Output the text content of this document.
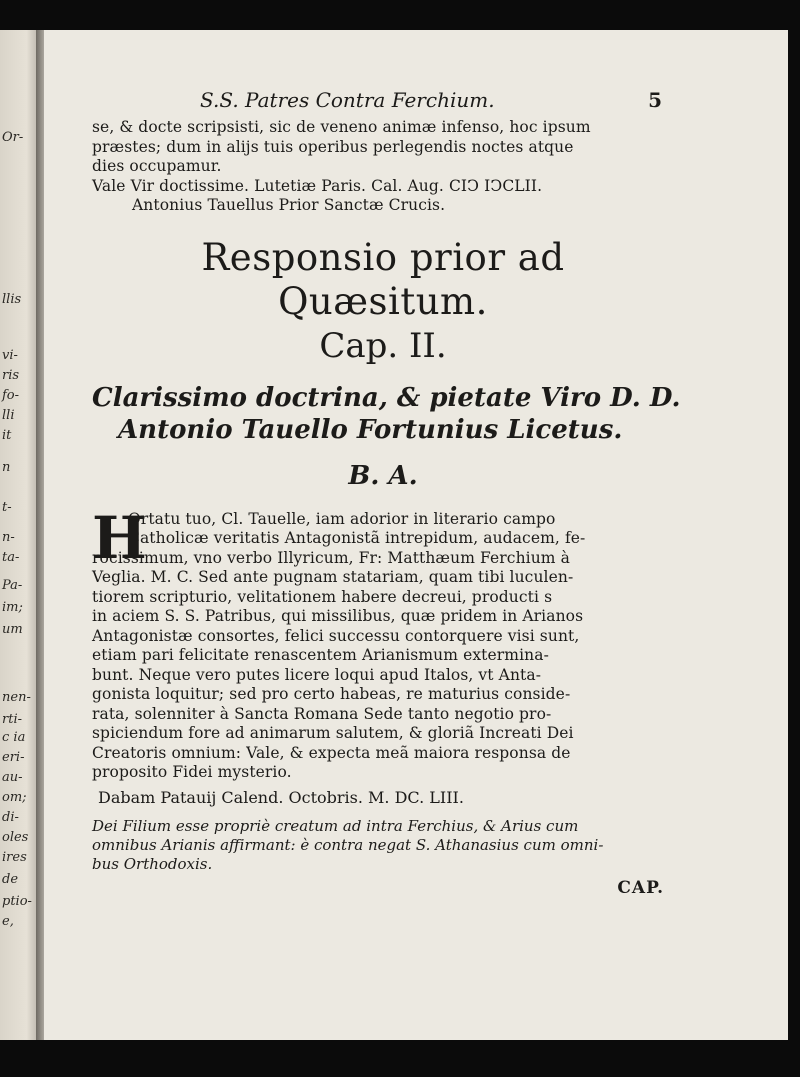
Or-
llis
vi-
ris
fo-
lli
it
n
t-
n-
ta-
Pa-
im;
um
nen-
rti-
c ia
eri-
au-
om;
di-
oles
ires
de
ptio-
e,
S.S. Patres Contra Ferchium.	5
se, & docte scripsisti, sic de veneno animæ infenso, hoc ipsum
præstes; dum in alijs tuis operibus perlegendis noctes atque
dies occupamur.
Vale Vir doctissime. Lutetiæ Paris. Cal. Aug. CIↃ IↃCLII.
Antonius Tauellus Prior Sanctæ Crucis.
Responsio prior ad Quæsitum.
Cap. II.
Clarissimo doctrina, & pietate Viro D. D.
Antonio Tauello Fortunius Licetus.
B. A.
H
Ortatu tuo, Cl. Tauelle, iam adorior in literario campo
Catholicæ veritatis Antagonistã intrepidum, audacem, fe-
rocissimum, vno verbo Illyricum, Fr: Matthæum Ferchium à
Veglia. M. C. Sed ante pugnam statariam, quam tibi luculen-
tiorem scripturio, velitationem habere decreui, producti s
in aciem S. S. Patribus, qui missilibus, quæ pridem in Arianos
Antagonistæ consortes, felici successu contorquere visi sunt,
etiam pari felicitate renascentem Arianismum extermina-
bunt. Neque vero putes licere loqui apud Italos, vt Anta-
gonista loquitur; sed pro certo habeas, re maturius conside-
rata, solenniter à Sancta Romana Sede tanto negotio pro-
spiciendum fore ad animarum salutem, & gloriã Increati Dei
Creatoris omnium: Vale, & expecta meã maiora responsa de
proposito Fidei mysterio.
Dabam Patauij Calend. Octobris. M. DC. LIII.
Dei Filium esse propriè creatum ad intra Ferchius, & Arius cum
omnibus Arianis affirmant: è contra negat S. Athanasius cum omni-
bus Orthodoxis.
CAP.
